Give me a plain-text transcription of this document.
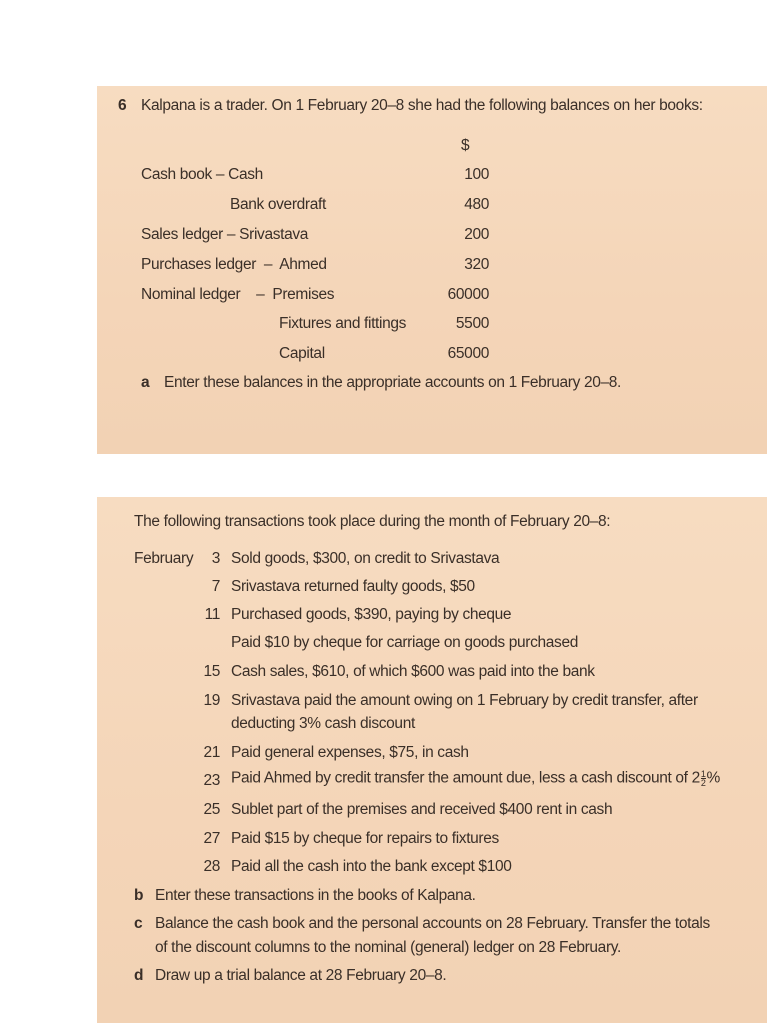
6 Kalpana is a trader. On 1 February 20–8 she had the following balances on her books:
$
Cash book – Cash	100
Bank overdraft	480
Sales ledger – Srivastava	200
Purchases ledger  –  Ahmed	320
Nominal ledger    –  Premises	60000
Fixtures and fittings	5500
Capital	65000
a Enter these balances in the appropriate accounts on 1 February 20–8.
The following transactions took place during the month of February 20–8:
February	3 Sold goods, $300, on credit to Srivastava
7 Srivastava returned faulty goods, $50
11 Purchased goods, $390, paying by cheque
Paid $10 by cheque for carriage on goods purchased
15 Cash sales, $610, of which $600 was paid into the bank
19 Srivastava paid the amount owing on 1 February by credit transfer, after
deducting 3% cash discount
21 Paid general expenses, $75, in cash
23 Paid Ahmed by credit transfer the amount due, less a cash discount of $2 \frac{1}{2}$ %
25 Sublet part of the premises and received $400 rent in cash
27 Paid $15 by cheque for repairs to fixtures
28 Paid all the cash into the bank except $100
b Enter these transactions in the books of Kalpana.
c Balance the cash book and the personal accounts on 28 February. Transfer the totals
of the discount columns to the nominal (general) ledger on 28 February.
d Draw up a trial balance at 28 February 20–8.
